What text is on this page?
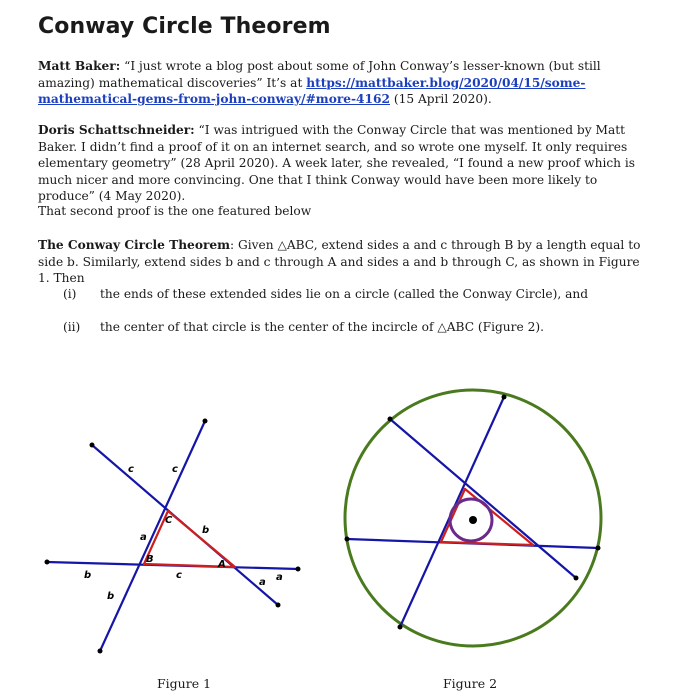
Conway Circle Theorem
Matt Baker: “I just wrote a blog post about some of John Conway’s lesser-known (but still amazing) mathematical discoveries” It’s at https://mattbaker.blog/2020/04/15/some-mathematical-gems-from-john-conway/#more-4162 (15 April 2020).
Doris Schattschneider: “I was intrigued with the Conway Circle that was mentioned by Matt Baker. I didn’t find a proof of it on an internet search, and so wrote one myself. It only requires elementary geometry” (28 April 2020). A week later, she revealed, “I found a new proof which is much nicer and more convincing. One that I think Conway would have been more likely to produce” (4 May 2020).
That second proof is the one featured below
The Conway Circle Theorem: Given △ABC, extend sides a and c through B by a length equal to side b. Similarly, extend sides b and c through A and sides a and b through C, as shown in Figure 1. Then
(i) the ends of these extended sides lie on a circle (called the Conway Circle), and
(ii) the center of that circle is the center of the incircle of △ABC (Figure 2).
c	c
C
b
a
B	A
c
b
b
a a
Figure 1	Figure 2
